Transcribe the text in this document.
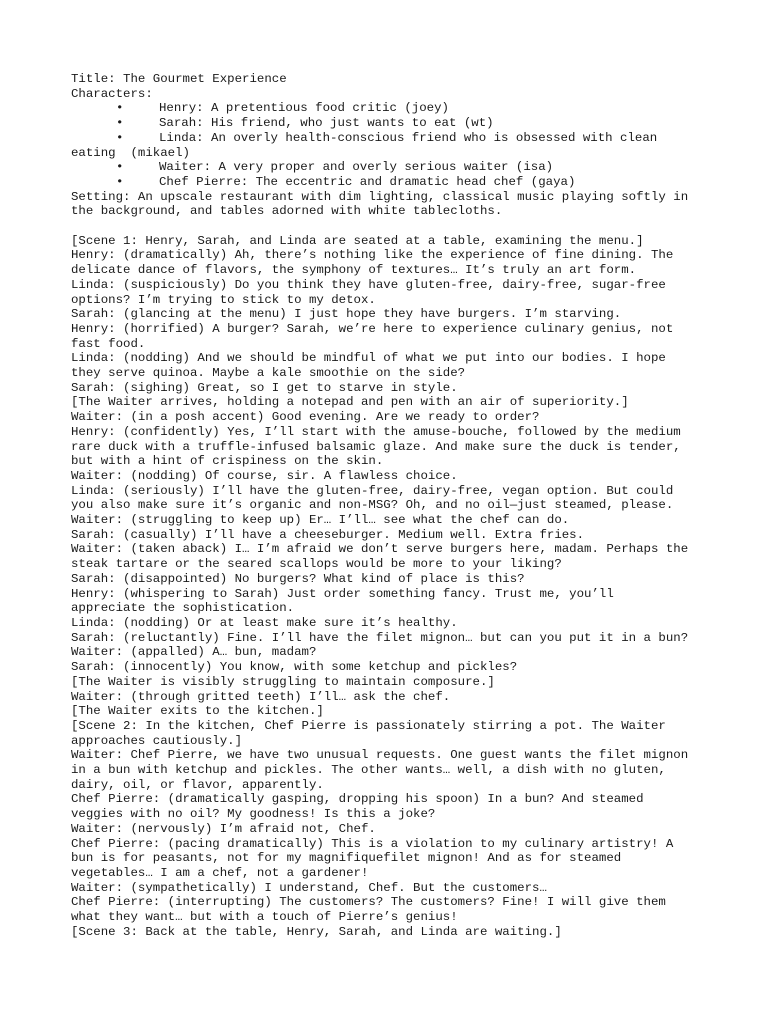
Title: The Gourmet Experience
Characters:
•	Henry: A pretentious food critic (joey)
•	Sarah: His friend, who just wants to eat (wt)
•	Linda: An overly health-conscious friend who is obsessed with clean
eating  (mikael)
•	Waiter: A very proper and overly serious waiter (isa)
•	Chef Pierre: The eccentric and dramatic head chef (gaya)
Setting: An upscale restaurant with dim lighting, classical music playing softly in
the background, and tables adorned with white tablecloths.
[Scene 1: Henry, Sarah, and Linda are seated at a table, examining the menu.]
Henry: (dramatically) Ah, there’s nothing like the experience of fine dining. The
delicate dance of flavors, the symphony of textures… It’s truly an art form.
Linda: (suspiciously) Do you think they have gluten-free, dairy-free, sugar-free
options? I’m trying to stick to my detox.
Sarah: (glancing at the menu) I just hope they have burgers. I’m starving.
Henry: (horrified) A burger? Sarah, we’re here to experience culinary genius, not
fast food.
Linda: (nodding) And we should be mindful of what we put into our bodies. I hope
they serve quinoa. Maybe a kale smoothie on the side?
Sarah: (sighing) Great, so I get to starve in style.
[The Waiter arrives, holding a notepad and pen with an air of superiority.]
Waiter: (in a posh accent) Good evening. Are we ready to order?
Henry: (confidently) Yes, I’ll start with the amuse-bouche, followed by the medium
rare duck with a truffle-infused balsamic glaze. And make sure the duck is tender,
but with a hint of crispiness on the skin.
Waiter: (nodding) Of course, sir. A flawless choice.
Linda: (seriously) I’ll have the gluten-free, dairy-free, vegan option. But could
you also make sure it’s organic and non-MSG? Oh, and no oil—just steamed, please.
Waiter: (struggling to keep up) Er… I’ll… see what the chef can do.
Sarah: (casually) I’ll have a cheeseburger. Medium well. Extra fries.
Waiter: (taken aback) I… I’m afraid we don’t serve burgers here, madam. Perhaps the
steak tartare or the seared scallops would be more to your liking?
Sarah: (disappointed) No burgers? What kind of place is this?
Henry: (whispering to Sarah) Just order something fancy. Trust me, you’ll
appreciate the sophistication.
Linda: (nodding) Or at least make sure it’s healthy.
Sarah: (reluctantly) Fine. I’ll have the filet mignon… but can you put it in a bun?
Waiter: (appalled) A… bun, madam?
Sarah: (innocently) You know, with some ketchup and pickles?
[The Waiter is visibly struggling to maintain composure.]
Waiter: (through gritted teeth) I’ll… ask the chef.
[The Waiter exits to the kitchen.]
[Scene 2: In the kitchen, Chef Pierre is passionately stirring a pot. The Waiter
approaches cautiously.]
Waiter: Chef Pierre, we have two unusual requests. One guest wants the filet mignon
in a bun with ketchup and pickles. The other wants… well, a dish with no gluten,
dairy, oil, or flavor, apparently.
Chef Pierre: (dramatically gasping, dropping his spoon) In a bun? And steamed
veggies with no oil? My goodness! Is this a joke?
Waiter: (nervously) I’m afraid not, Chef.
Chef Pierre: (pacing dramatically) This is a violation to my culinary artistry! A
bun is for peasants, not for my magnifiquefilet mignon! And as for steamed
vegetables… I am a chef, not a gardener!
Waiter: (sympathetically) I understand, Chef. But the customers…
Chef Pierre: (interrupting) The customers? The customers? Fine! I will give them
what they want… but with a touch of Pierre’s genius!
[Scene 3: Back at the table, Henry, Sarah, and Linda are waiting.]
